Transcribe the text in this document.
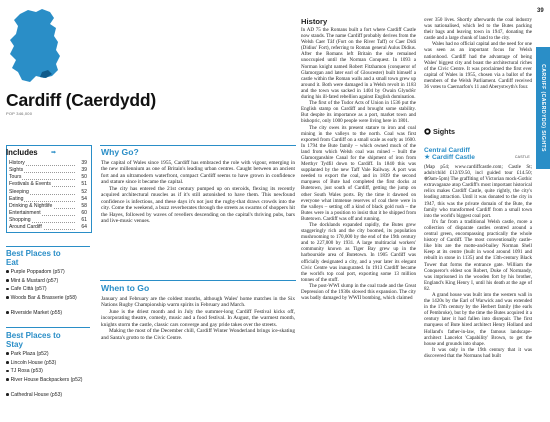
39
CARDIFF (CAERDYDD) SIGHTS
Cardiff (Caerdydd)
POP 346,000
Includes ➡
History	39
Sights	39
Tours	50
Festivals & Events	51
Sleeping	52
Eating	54
Drinking & Nightlife	58
Entertainment	60
Shopping	61
Around Cardiff	64
Best Places to
Eat
Purple Poppadom (p57)
Mint & Mustard (p57)
Cafe Città (p57)
Woods Bar & Brasserie (p58)
Riverside Market (p55)
Best Places to
Stay
Park Plaza (p52)
Lincoln House (p53)
TJ Rosa (p53)
River House Backpackers (p52)
Cathedral House (p53)
Why Go?

The capital of Wales since 1955, Cardiff has embraced the role with vigour, emerging in the new millennium as one of Britain's leading urban centres. Caught between an ancient fort and an ultramodern waterfront, compact Cardiff seems to have grown in confidence and stature since it became the capital.

The city has entered the 21st century pumped up on steroids, flexing its recently acquired architectural muscles as if it's still astonished to have them. This newfound confidence is infectious, and these days it's not just the rugby-that draws crowds into the city. Come the weekend, a buzz reverberates through the streets as swarms of shoppers hit the Hayes, followed by waves of revellers descending on the capital's thriving pubs, bars and live-music venues.

When to Go

January and February are the coldest months, although Wales' home matches in the Six Nations Rugby Championship warm spirits in February and March.

June is the driest month and in July the summer-long Cardiff Festival kicks off, incorporating theatre, comedy, music and a food festival. In August, the warmest month, knights storm the castle, classic cars converge and gay pride takes over the streets.

Making the most of the December chill, Cardiff Winter Wonderland brings ice-skating and Santa's grotto to the Civic Centre.

History

In AD 75 the Romans built a fort where Cardiff Castle now stands. The name Cardiff probably derives from the Welsh Caer Tâf (Fort on the River Taff) or Caer Didi (Didius' Fort), referring to Roman general Aulus Didius. After the Romans left Britain the site remained unoccupied until the Norman Conquest. In 1093 a Norman knight named Robert Fitzhamon (conqueror of Glamorgan and later earl of Gloucester) built himself a castle within the Roman walls and a small town grew up around it. Both were damaged in a Welsh revolt in 1183 and the town was sacked in 1404 by Owain Glyndŵr during his ill-fated rebellion against English domination.

The first of the Tudor Acts of Union in 1536 put the English stamp on Cardiff and brought some stability. But despite its importance as a port, market town and bishopric, only 1000 people were living here in 1801.

The city owes its present stature to iron and coal mining in the valleys to the north. Coal was first exported from Cardiff on a small scale as early as 1600. In 1794 the Bute family – which owned much of the land from which Welsh coal was mined – built the Glamorganshire Canal for the shipment of iron from Merthyr Tydfil down to Cardiff. In 1840 this was supplanted by the new Taff Vale Railway. A port was needed to export the coal, and in 1839 the second marquess of Bute had completed the first docks at Butetown, just south of Cardiff, getting the jump on other South Wales ports. By the time it dawned on everyone what immense reserves of coal there were in the valleys – setting off a kind of black gold rush – the Butes were in a position to insist that it be shipped from Butetown. Cardiff was off and running.

The docklands expanded rapidly, the Butes grew staggeringly rich and the city boomed, its population mushrooming to 170,000 by the end of the 19th century and to 227,000 by 1931. A large multiracial workers' community known as Tiger Bay grew up in the harbourside area of Butetown. In 1905 Cardiff was officially designated a city, and a year later its elegant Civic Centre was inaugurated. In 1913 Cardiff became the world's top coal port, exporting some 13 million tonnes of the stuff.

The post-WWI slump in the coal trade and the Great Depression of the 1930s slowed this expansion. The city was badly damaged by WWII bombing, which claimed

over 350 lives. Shortly afterwards the coal industry was nationalised, which led to the Butes packing their bags and leaving town in 1947, donating the castle and a large chunk of land to the city.

Wales had no official capital and the need for one was seen as an important focus for Welsh nationhood. Cardiff had the advantage of being Wales' biggest city and boast the architectural riches of the Civic Centre. It was proclaimed the first ever capital of Wales in 1955, chosen via a ballot of the members of the Welsh Parliament. Cardiff received 36 votes to Caernarfon's 11 and Aberystwyth's four.

Sights
Central Cardiff
★ Cardiff Castle	CASTLE

(Map p54; www.cardiffcastle.com; Castle St; adult/child £12/£9.50, incl guided tour £14.50; ⊗9am-5pm) The graffiting of Victorian mock-Gothic extravaganze atop Cardiff's most important historical relics makes Cardiff Castle, quite rightly, the city's leading attraction. Until it was donated to the city in 1947, this was the private domain of the Bute, the family who transformed Cardiff from a small town into the world's biggest coal port.

It's far from a traditional Welsh castle, more a collection of disparate castles centred around a central green, encompassing practically the whole history of Cardiff. The most conventionally castle-like bits are the motte-and-bailey Norman Shell Keep at its centre (built in wood around 1091 and rebuilt in stone in 1135) and the 13th-century Black Tower that forms the entrance gate. William the Conqueror's eldest son Robert, Duke of Normandy, was imprisoned in the wooden fort by his brother, England's King Henry I, until his death at the age of 82.

A grand house was built into the western wall in the 1420s by the Earl of Warwick and was extended in the 17th century by the Herbert family (the earls of Pembroke), but by the time the Butes acquired it a century later it had fallen into disrepair. The first marquess of Bute hired architect Henry Holland and Holland's father-in-law, the famous landscape-architect Lancelot 'Capability' Brown, to get the house and grounds into shape.

It was only in the 19th century that it was discovered that the Normans had built
